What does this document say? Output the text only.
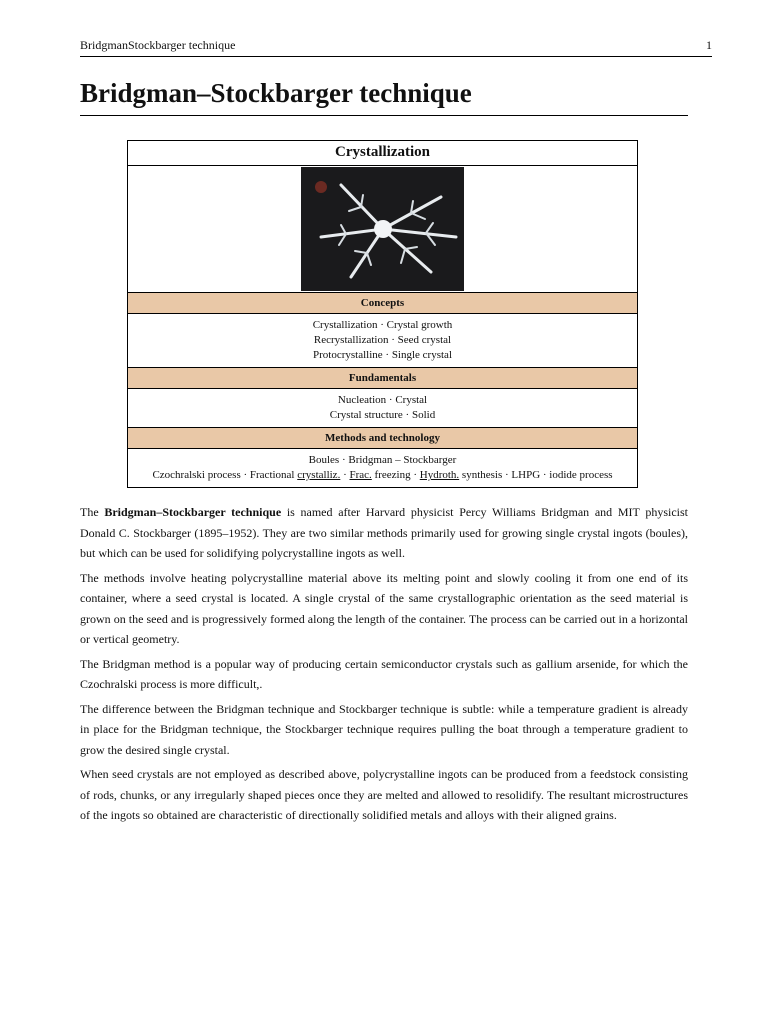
BridgmanStockbarger technique	1
Bridgman–Stockbarger technique
Crystallization
Concepts
Crystallization · Crystal growth
Recrystallization · Seed crystal
Protocrystalline · Single crystal
Fundamentals
Nucleation · Crystal
Crystal structure · Solid
Methods and technology
Boules · Bridgman – Stockbarger
Czochralski process · Fractional crystalliz. · Frac. freezing · Hydroth. synthesis · LHPG · iodide process

The Bridgman–Stockbarger technique is named after Harvard physicist Percy Williams Bridgman and MIT physicist Donald C. Stockbarger (1895–1952). They are two similar methods primarily used for growing single crystal ingots (boules), but which can be used for solidifying polycrystalline ingots as well.

The methods involve heating polycrystalline material above its melting point and slowly cooling it from one end of its container, where a seed crystal is located. A single crystal of the same crystallographic orientation as the seed material is grown on the seed and is progressively formed along the length of the container. The process can be carried out in a horizontal or vertical geometry.

The Bridgman method is a popular way of producing certain semiconductor crystals such as gallium arsenide, for which the Czochralski process is more difficult,.

The difference between the Bridgman technique and Stockbarger technique is subtle: while a temperature gradient is already in place for the Bridgman technique, the Stockbarger technique requires pulling the boat through a temperature gradient to grow the desired single crystal.

When seed crystals are not employed as described above, polycrystalline ingots can be produced from a feedstock consisting of rods, chunks, or any irregularly shaped pieces once they are melted and allowed to resolidify. The resultant microstructures of the ingots so obtained are characteristic of directionally solidified metals and alloys with their aligned grains.
